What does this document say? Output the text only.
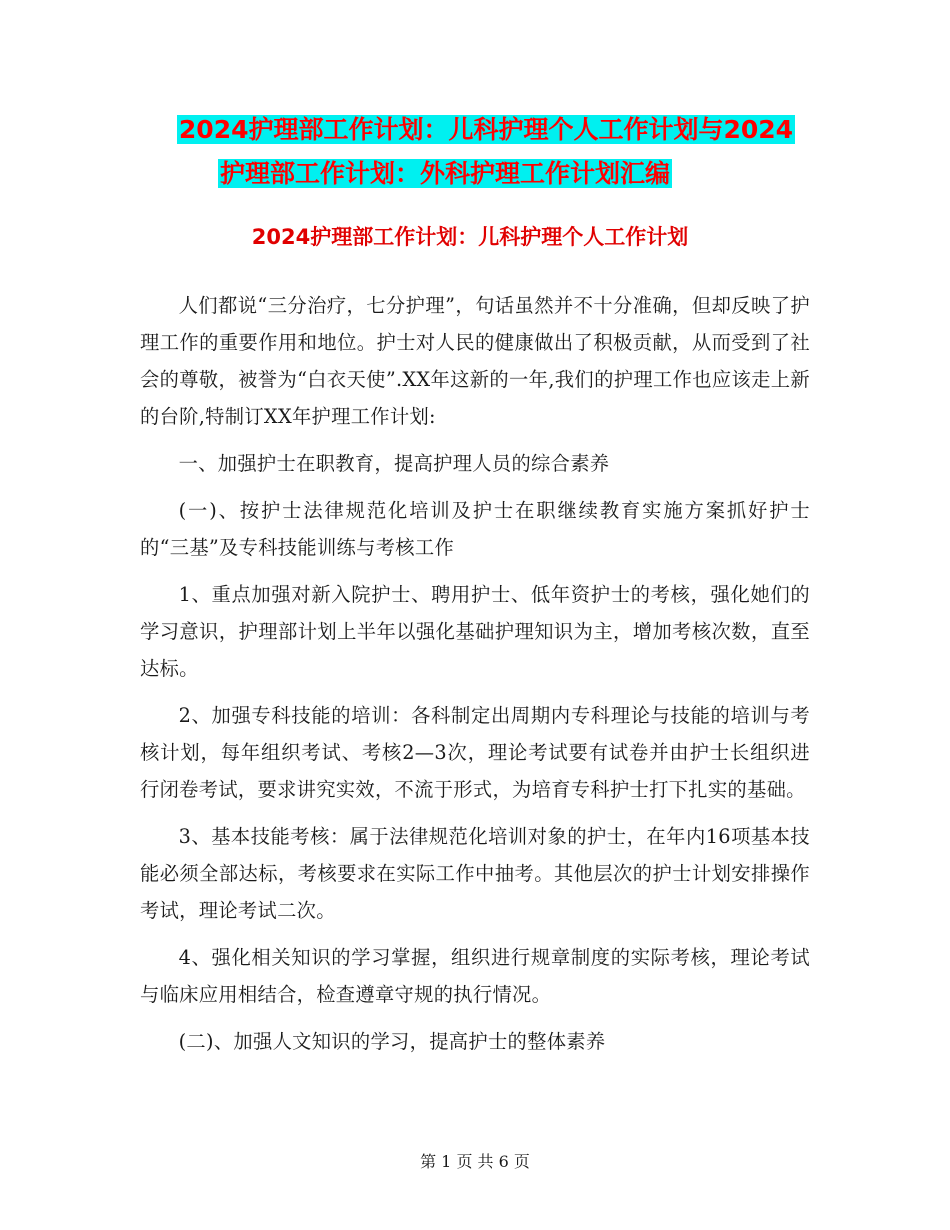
2024护理部工作计划：儿科护理个人工作计划与2024
护理部工作计划：外科护理工作计划汇编
2024护理部工作计划：儿科护理个人工作计划

人们都说“三分治疗，七分护理”，句话虽然并不十分准确，但却反映了护理工作的重要作用和地位。护士对人民的健康做出了积极贡献，从而受到了社会的尊敬，被誉为“白衣天使”.XX年这新的一年,我们的护理工作也应该走上新的台阶,特制订XX年护理工作计划:

一、加强护士在职教育，提高护理人员的综合素养

(一)、按护士法律规范化培训及护士在职继续教育实施方案抓好护士的“三基”及专科技能训练与考核工作

1、重点加强对新入院护士、聘用护士、低年资护士的考核，强化她们的学习意识，护理部计划上半年以强化基础护理知识为主，增加考核次数，直至达标。

2、加强专科技能的培训：各科制定出周期内专科理论与技能的培训与考核计划，每年组织考试、考核2—3次，理论考试要有试卷并由护士长组织进行闭卷考试，要求讲究实效，不流于形式，为培育专科护士打下扎实的基础。

3、基本技能考核：属于法律规范化培训对象的护士，在年内16项基本技能必须全部达标，考核要求在实际工作中抽考。其他层次的护士计划安排操作考试，理论考试二次。

4、强化相关知识的学习掌握，组织进行规章制度的实际考核，理论考试与临床应用相结合，检查遵章守规的执行情况。

(二)、加强人文知识的学习，提高护士的整体素养

第 1 页 共 6 页
